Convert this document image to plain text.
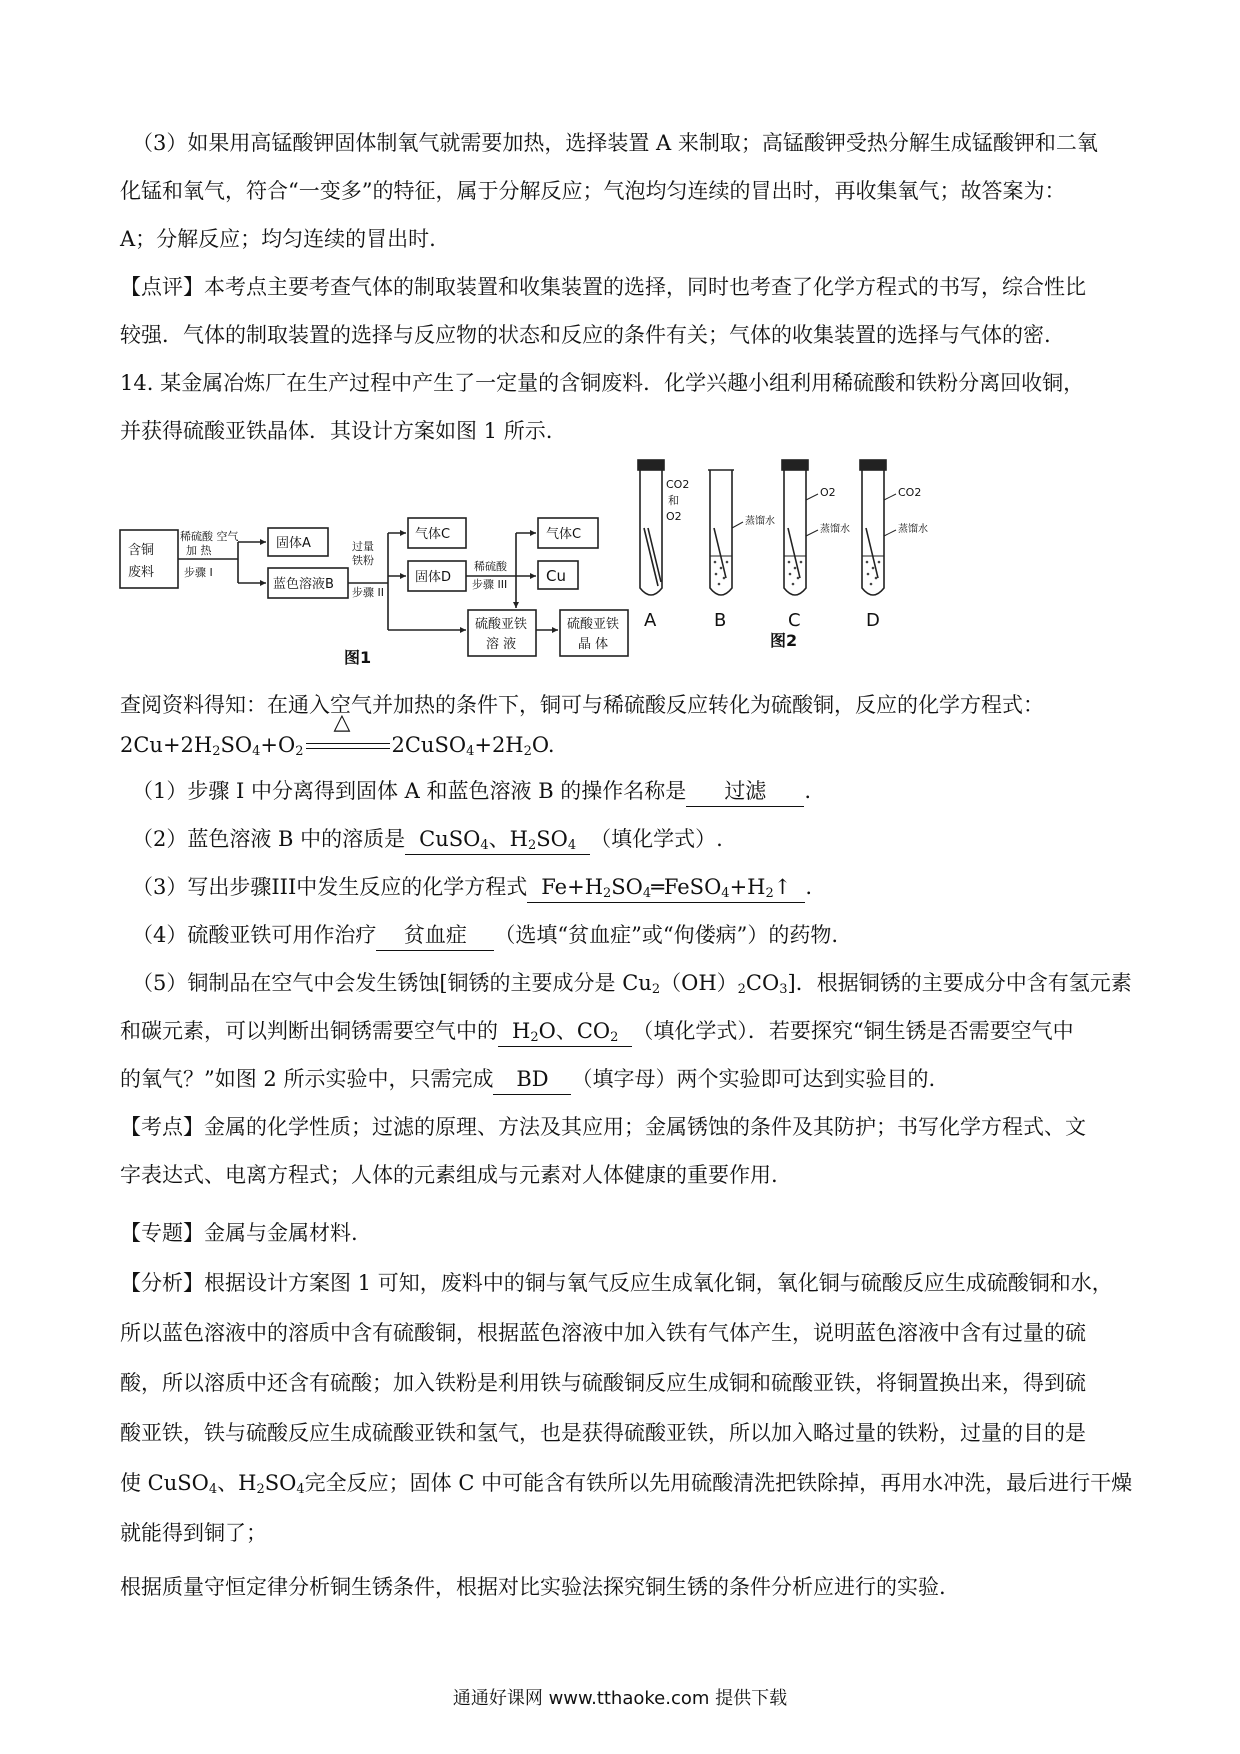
（3）如果用高锰酸钾固体制氧气就需要加热，选择装置 A 来制取；高锰酸钾受热分解生成锰酸钾和二氧
化锰和氧气，符合“一变多”的特征，属于分解反应；气泡均匀连续的冒出时，再收集氧气；故答案为：
A；分解反应；均匀连续的冒出时.
【点评】本考点主要考查气体的制取装置和收集装置的选择，同时也考查了化学方程式的书写，综合性比
较强．气体的制取装置的选择与反应物的状态和反应的条件有关；气体的收集装置的选择与气体的密.
14. 某金属冶炼厂在生产过程中产生了一定量的含铜废料．化学兴趣小组利用稀硫酸和铁粉分离回收铜，
并获得硫酸亚铁晶体．其设计方案如图 1 所示.
含铜
废料
稀硫酸 空气
加 热
步骤 I
固体A
蓝色溶液B
过量
铁粉
步骤 II
气体C
固体D
稀硫酸
步骤 III
气体C
Cu
硫酸亚铁
溶 液
硫酸亚铁
晶 体
图1
CO2
和
O2	蒸馏水
O2
蒸馏水
CO2
蒸馏水
A	B	C	D
图2
查阅资料得知：在通入空气并加热的条件下，铜可与稀硫酸反应转化为硫酸铜，反应的化学方程式：
$2Cu+2H_2SO_4+O_2$
△
$2CuSO_4+2H_2O$.
（1）步骤 I 中分离得到固体 A 和蓝色溶液 B 的操作名称是 过滤 .
（2）蓝色溶液 B 中的溶质是 CuSO$_4$、$H_2SO_4$ （填化学式）.
（3）写出步骤III中发生反应的化学方程式 $Fe+H_2SO_4═FeSO_4+H_2↑$ .
（4）硫酸亚铁可用作治疗 贫血症 （选填“贫血症”或“佝偻病”）的药物.
（5）铜制品在空气中会发生锈蚀[铜锈的主要成分是 $Cu_2(OH)_2CO_3$]．根据铜锈的主要成分中含有氢元素
和碳元素，可以判断出铜锈需要空气中的 $H_2O$、$CO_2$ （填化学式）．若要探究“铜生锈是否需要空气中
的氧气？”如图 2 所示实验中，只需完成 BD （填字母）两个实验即可达到实验目的.
【考点】金属的化学性质；过滤的原理、方法及其应用；金属锈蚀的条件及其防护；书写化学方程式、文
字表达式、电离方程式；人体的元素组成与元素对人体健康的重要作用.
【专题】金属与金属材料.
【分析】根据设计方案图 1 可知，废料中的铜与氧气反应生成氧化铜，氧化铜与硫酸反应生成硫酸铜和水，
所以蓝色溶液中的溶质中含有硫酸铜，根据蓝色溶液中加入铁有气体产生，说明蓝色溶液中含有过量的硫
酸，所以溶质中还含有硫酸；加入铁粉是利用铁与硫酸铜反应生成铜和硫酸亚铁，将铜置换出来，得到硫
酸亚铁，铁与硫酸反应生成硫酸亚铁和氢气，也是获得硫酸亚铁，所以加入略过量的铁粉，过量的目的是
使 CuSO$_4$、$H_2SO_4$完全反应；固体 C 中可能含有铁所以先用硫酸清洗把铁除掉，再用水冲洗，最后进行干燥
就能得到铜了；
根据质量守恒定律分析铜生锈条件，根据对比实验法探究铜生锈的条件分析应进行的实验.
通通好课网 www.tthaoke.com 提供下载
